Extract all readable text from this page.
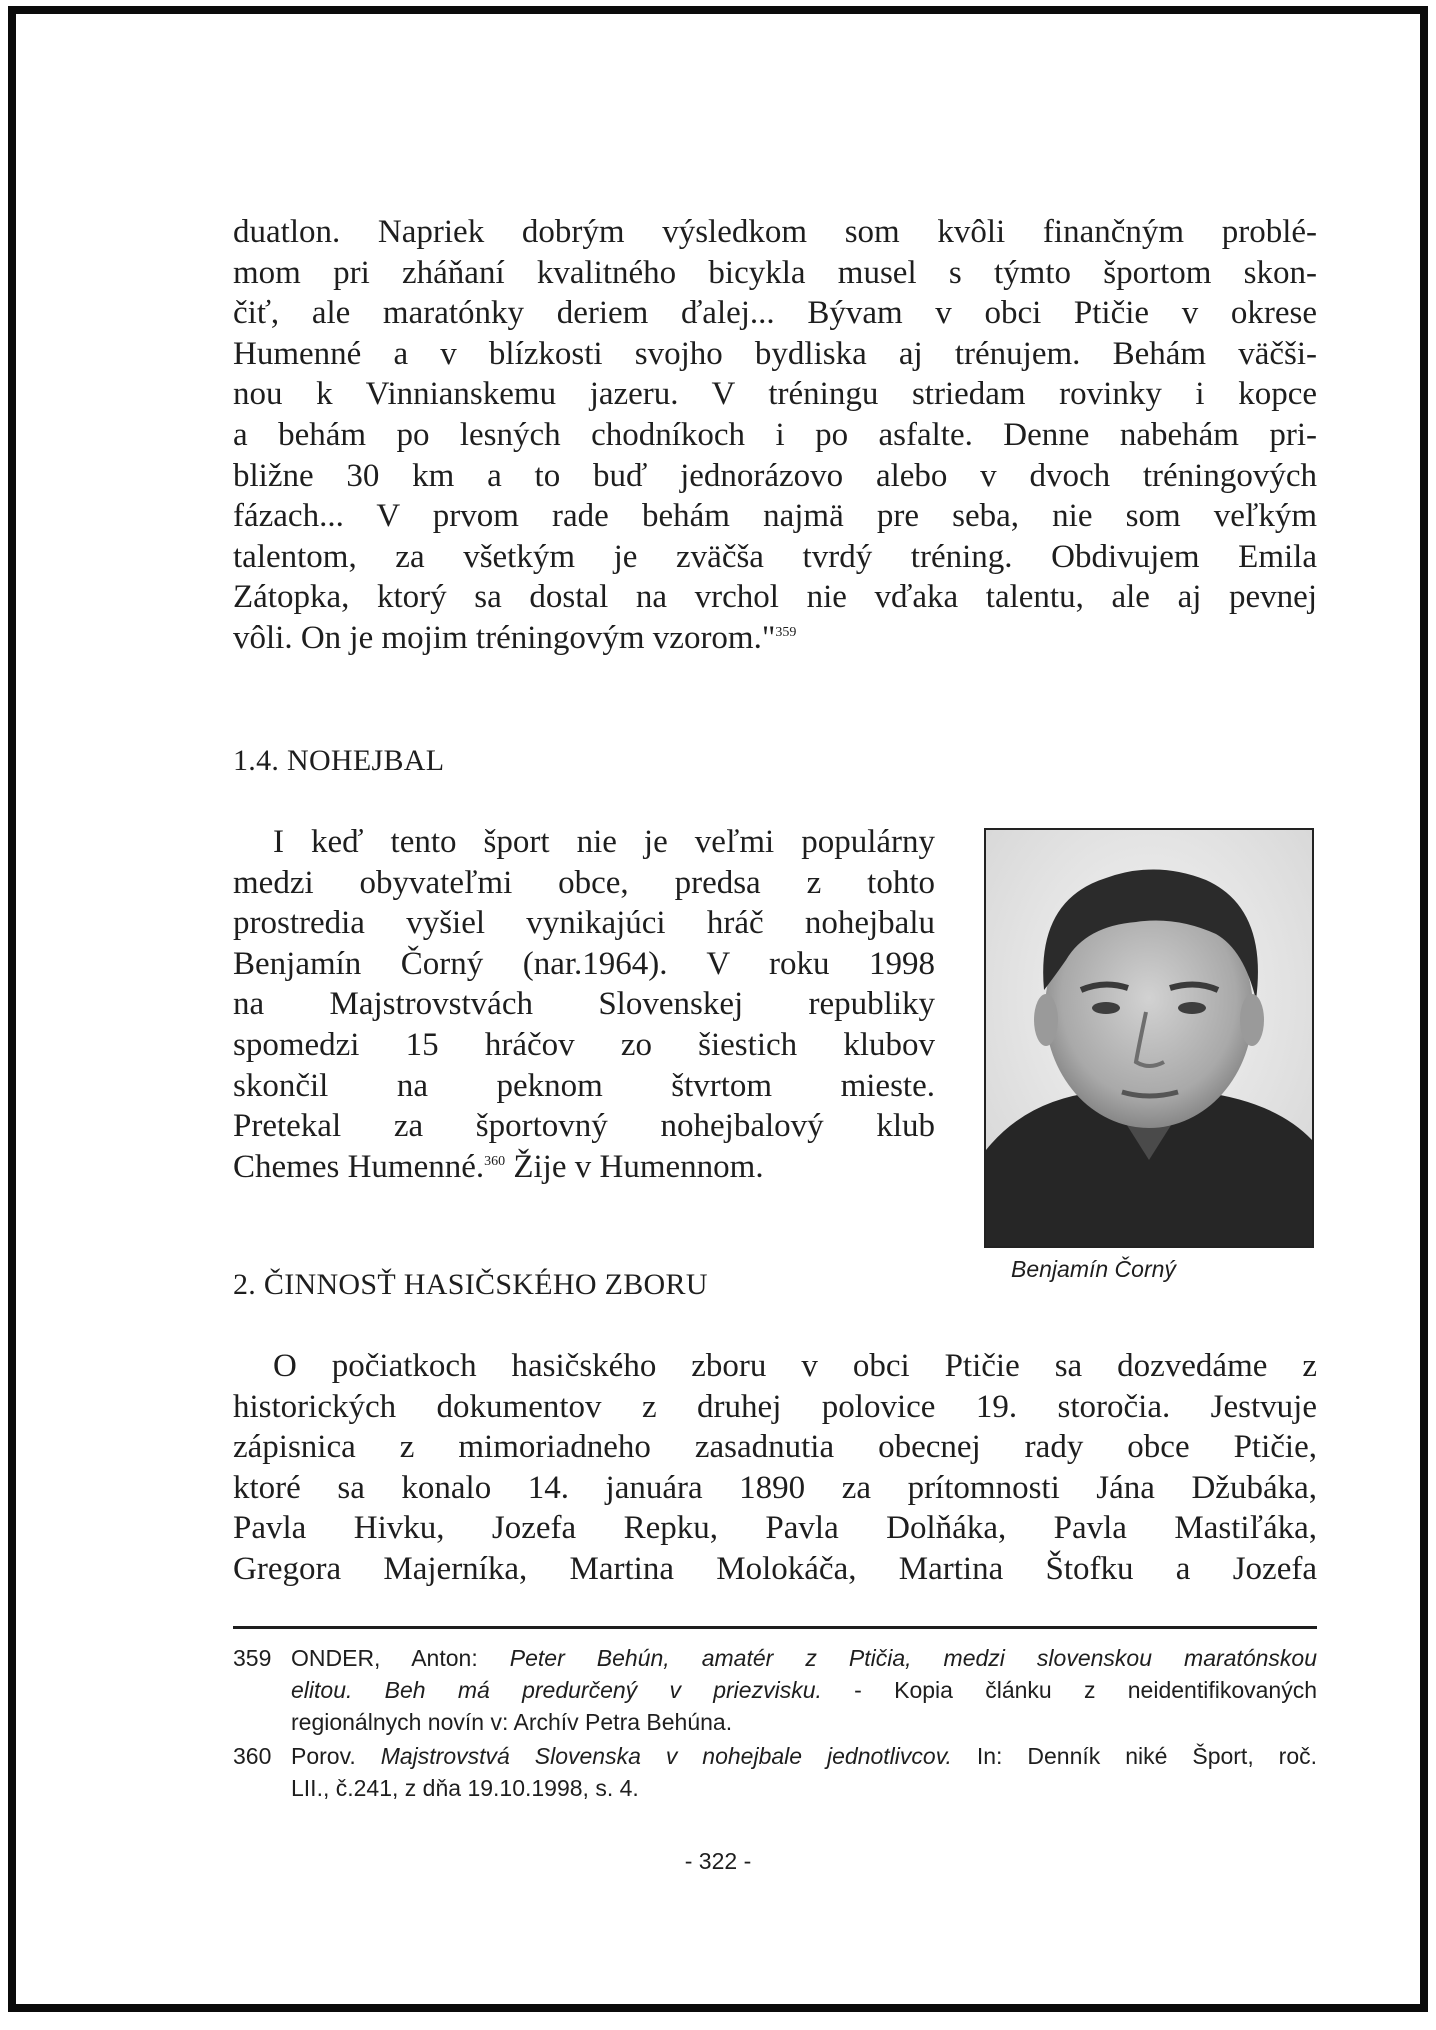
duatlon. Napriek dobrým výsledkom som kvôli finančným problé-
mom pri zháňaní kvalitného bicykla musel s týmto športom skon-
čiť, ale maratónky deriem ďalej... Bývam v obci Ptičie v okrese
Humenné a v blízkosti svojho bydliska aj trénujem. Behám väčši-
nou k Vinnianskemu jazeru. V tréningu striedam rovinky i kopce
a behám po lesných chodníkoch i po asfalte. Denne nabehám pri-
bližne 30 km a to buď jednorázovo alebo v dvoch tréningových
fázach... V prvom rade behám najmä pre seba, nie som veľkým
talentom, za všetkým je zväčša tvrdý tréning. Obdivujem Emila
Zátopka, ktorý sa dostal na vrchol nie vďaka talentu, ale aj pevnej
vôli. On je mojim tréningovým vzorom."$^{359}$
1.4. NOHEJBAL
I keď tento šport nie je veľmi populárny
medzi obyvateľmi obce, predsa z tohto
prostredia vyšiel vynikajúci hráč nohejbalu
Benjamín Čorný (nar.1964). V roku 1998
na Majstrovstvách Slovenskej republiky
spomedzi 15 hráčov zo šiestich klubov
skončil na peknom štvrtom mieste.
Pretekal za športovný nohejbalový klub
Chemes Humenné.$^{360}$ Žije v Humennom.
Benjamín Čorný
2. ČINNOSŤ HASIČSKÉHO ZBORU
O počiatkoch hasičského zboru v obci Ptičie sa dozvedáme z
historických dokumentov z druhej polovice 19. storočia. Jestvuje
zápisnica z mimoriadneho zasadnutia obecnej rady obce Ptičie,
ktoré sa konalo 14. januára 1890 za prítomnosti Jána Džubáka,
Pavla Hivku, Jozefa Repku, Pavla Dolňáka, Pavla Mastiľáka,
Gregora Majerníka, Martina Molokáča, Martina Štofku a Jozefa
359 ONDER, Anton: Peter Behún, amatér z Ptičia, medzi slovenskou maratónskou
elitou. Beh má predurčený v priezvisku. - Kopia článku z neidentifikovaných
regionálnych novín v: Archív Petra Behúna.
360 Porov. Majstrovstvá Slovenska v nohejbale jednotlivcov. In: Denník niké Šport, roč.
LII., č.241, z dňa 19.10.1998, s. 4.
- 322 -
